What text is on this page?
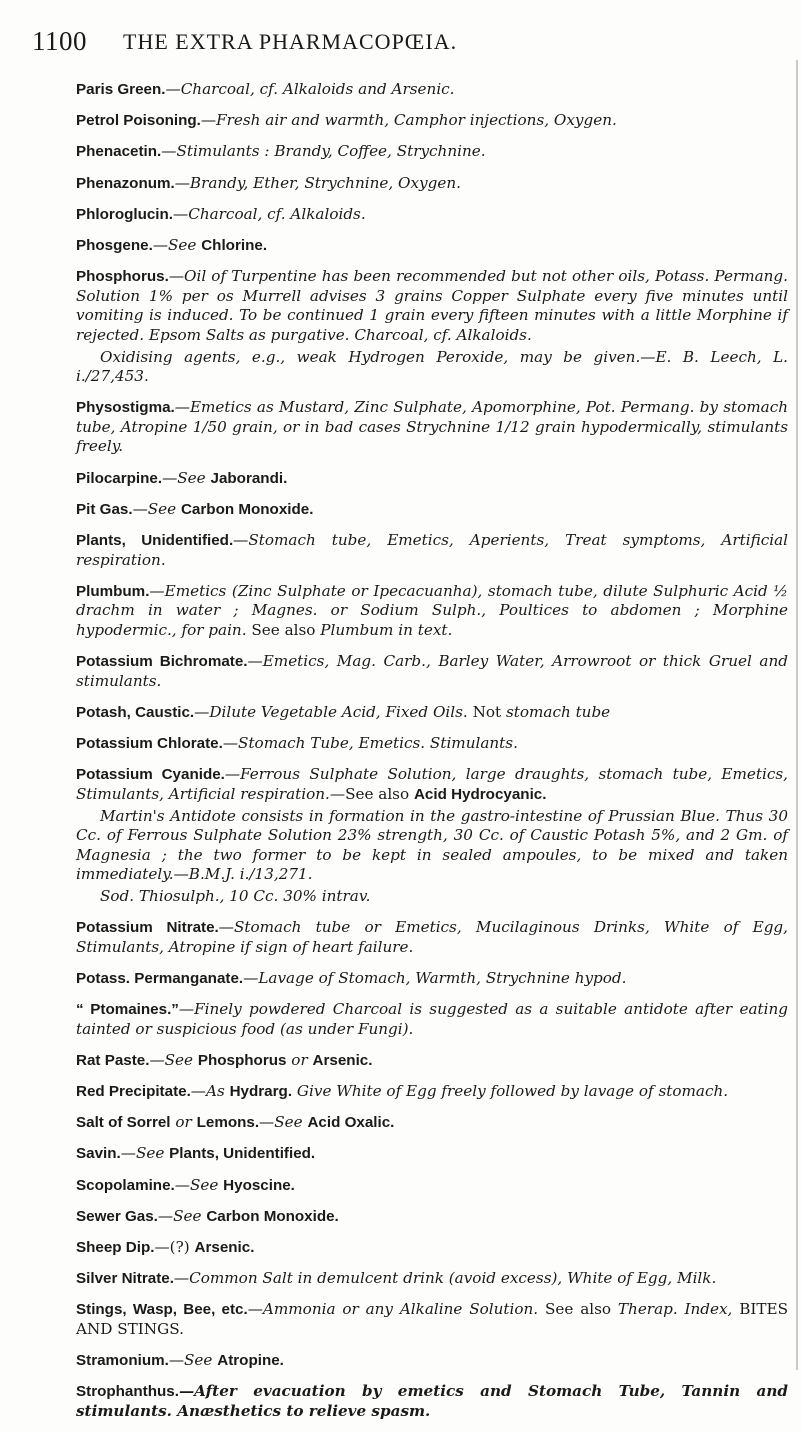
1100 THE EXTRA PHARMACOPŒIA.

Paris Green.—Charcoal, cf. Alkaloids and Arsenic.

Petrol Poisoning.—Fresh air and warmth, Camphor injections, Oxygen.

Phenacetin.—Stimulants : Brandy, Coffee, Strychnine.

Phenazonum.—Brandy, Ether, Strychnine, Oxygen.

Phloroglucin.—Charcoal, cf. Alkaloids.

Phosgene.—See Chlorine.

Phosphorus.—Oil of Turpentine has been recommended but not other oils, Potass. Permang. Solution 1% per os Murrell advises 3 grains Copper Sulphate every five minutes until vomiting is induced. To be continued 1 grain every fifteen minutes with a little Morphine if rejected. Epsom Salts as purgative. Charcoal, cf. Alkaloids.

Oxidising agents, e.g., weak Hydrogen Peroxide, may be given.—E. B. Leech, L. i./27,453.

Physostigma.—Emetics as Mustard, Zinc Sulphate, Apomorphine, Pot. Permang. by stomach tube, Atropine 1/50 grain, or in bad cases Strychnine 1/12 grain hypodermically, stimulants freely.

Pilocarpine.—See Jaborandi.

Pit Gas.—See Carbon Monoxide.

Plants, Unidentified.—Stomach tube, Emetics, Aperients, Treat symptoms, Artificial respiration.

Plumbum.—Emetics (Zinc Sulphate or Ipecacuanha), stomach tube, dilute Sulphuric Acid ½ drachm in water ; Magnes. or Sodium Sulph., Poultices to abdomen ; Morphine hypodermic., for pain. See also Plumbum in text.

Potassium Bichromate.—Emetics, Mag. Carb., Barley Water, Arrowroot or thick Gruel and stimulants.

Potash, Caustic.—Dilute Vegetable Acid, Fixed Oils. Not stomach tube

Potassium Chlorate.—Stomach Tube, Emetics. Stimulants.

Potassium Cyanide.—Ferrous Sulphate Solution, large draughts, stomach tube, Emetics, Stimulants, Artificial respiration.—See also Acid Hydrocyanic.

Martin's Antidote consists in formation in the gastro-intestine of Prussian Blue. Thus 30 Cc. of Ferrous Sulphate Solution 23% strength, 30 Cc. of Caustic Potash 5%, and 2 Gm. of Magnesia ; the two former to be kept in sealed ampoules, to be mixed and taken immediately.—B.M.J. i./13,271.

Sod. Thiosulph., 10 Cc. 30% intrav.

Potassium Nitrate.—Stomach tube or Emetics, Mucilaginous Drinks, White of Egg, Stimulants, Atropine if sign of heart failure.

Potass. Permanganate.—Lavage of Stomach, Warmth, Strychnine hypod.

“ Ptomaines.”—Finely powdered Charcoal is suggested as a suitable antidote after eating tainted or suspicious food (as under Fungi).

Rat Paste.—See Phosphorus or Arsenic.

Red Precipitate.—As Hydrarg. Give White of Egg freely followed by lavage of stomach.

Salt of Sorrel or Lemons.—See Acid Oxalic.

Savin.—See Plants, Unidentified.

Scopolamine.—See Hyoscine.

Sewer Gas.—See Carbon Monoxide.

Sheep Dip.—(?) Arsenic.

Silver Nitrate.—Common Salt in demulcent drink (avoid excess), White of Egg, Milk.

Stings, Wasp, Bee, etc.—Ammonia or any Alkaline Solution. See also Therap. Index, BITES AND STINGS.

Stramonium.—See Atropine.

Strophanthus.—After evacuation by emetics and Stomach Tube, Tannin and stimulants. Anæsthetics to relieve spasm.
